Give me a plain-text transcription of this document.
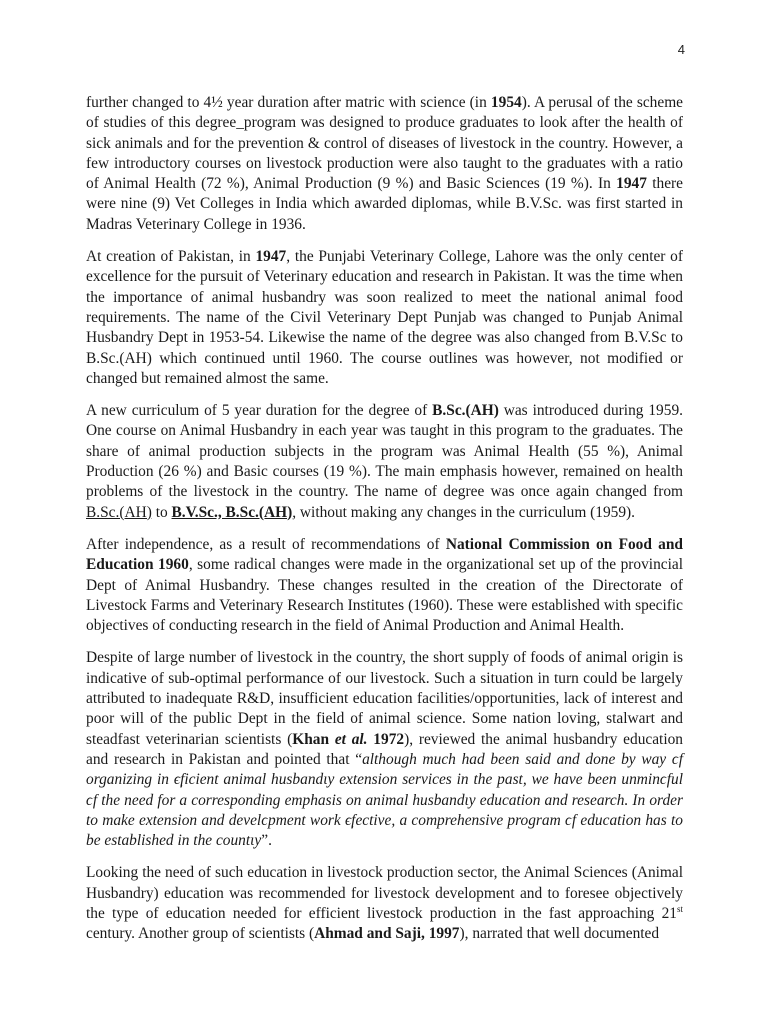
4

further changed to 4½ year duration after matric with science (in 1954). A perusal of the scheme of studies of this degree_program was designed to produce graduates to look after the health of sick animals and for the prevention & control of diseases of livestock in the country. However, a few introductory courses on livestock production were also taught to the graduates with a ratio of Animal Health (72 %), Animal Production (9 %) and Basic Sciences (19 %). In 1947 there were nine (9) Vet Colleges in India which awarded diplomas, while B.V.Sc. was first started in Madras Veterinary College in 1936.

At creation of Pakistan, in 1947, the Punjabi Veterinary College, Lahore was the only center of excellence for the pursuit of Veterinary education and research in Pakistan. It was the time when the importance of animal husbandry was soon realized to meet the national animal food requirements. The name of the Civil Veterinary Dept Punjab was changed to Punjab Animal Husbandry Dept in 1953-54. Likewise the name of the degree was also changed from B.V.Sc to B.Sc.(AH) which continued until 1960. The course outlines was however, not modified or changed but remained almost the same.

A new curriculum of 5 year duration for the degree of B.Sc.(AH) was introduced during 1959. One course on Animal Husbandry in each year was taught in this program to the graduates. The share of animal production subjects in the program was Animal Health (55 %), Animal Production (26 %) and Basic courses (19 %). The main emphasis however, remained on health problems of the livestock in the country. The name of degree was once again changed from B.Sc.(AH) to B.V.Sc., B.Sc.(AH), without making any changes in the curriculum (1959).

After independence, as a result of recommendations of National Commission on Food and Education 1960, some radical changes were made in the organizational set up of the provincial Dept of Animal Husbandry. These changes resulted in the creation of the Directorate of Livestock Farms and Veterinary Research Institutes (1960). These were established with specific objectives of conducting research in the field of Animal Production and Animal Health.

Despite of large number of livestock in the country, the short supply of foods of animal origin is indicative of sub-optimal performance of our livestock. Such a situation in turn could be largely attributed to inadequate R&D, insufficient education facilities/opportunities, lack of interest and poor will of the public Dept in the field of animal science. Some nation loving, stalwart and steadfast veterinarian scientists (Khan et al. 1972), reviewed the animal husbandry education and research in Pakistan and pointed that “although much had been said and done by way ϲf organizing in ϵ̦ficient animal husbandιy extension services in the past, we have been unminϲful ϲf the need for a corresponding emphasis on animal husbandιy education and research. In order to make extension and develϲpment work ϵ̦fective, a comprehensive program ϲf education has to be established in the countιy”.

Looking the need of such education in livestock production sector, the Animal Sciences (Animal Husbandry) education was recommended for livestock development and to foresee objectively the type of education needed for efficient livestock production in the fast approaching 21st century. Another group of scientists (Ahmad and Saji, 1997), narrated that well documented
